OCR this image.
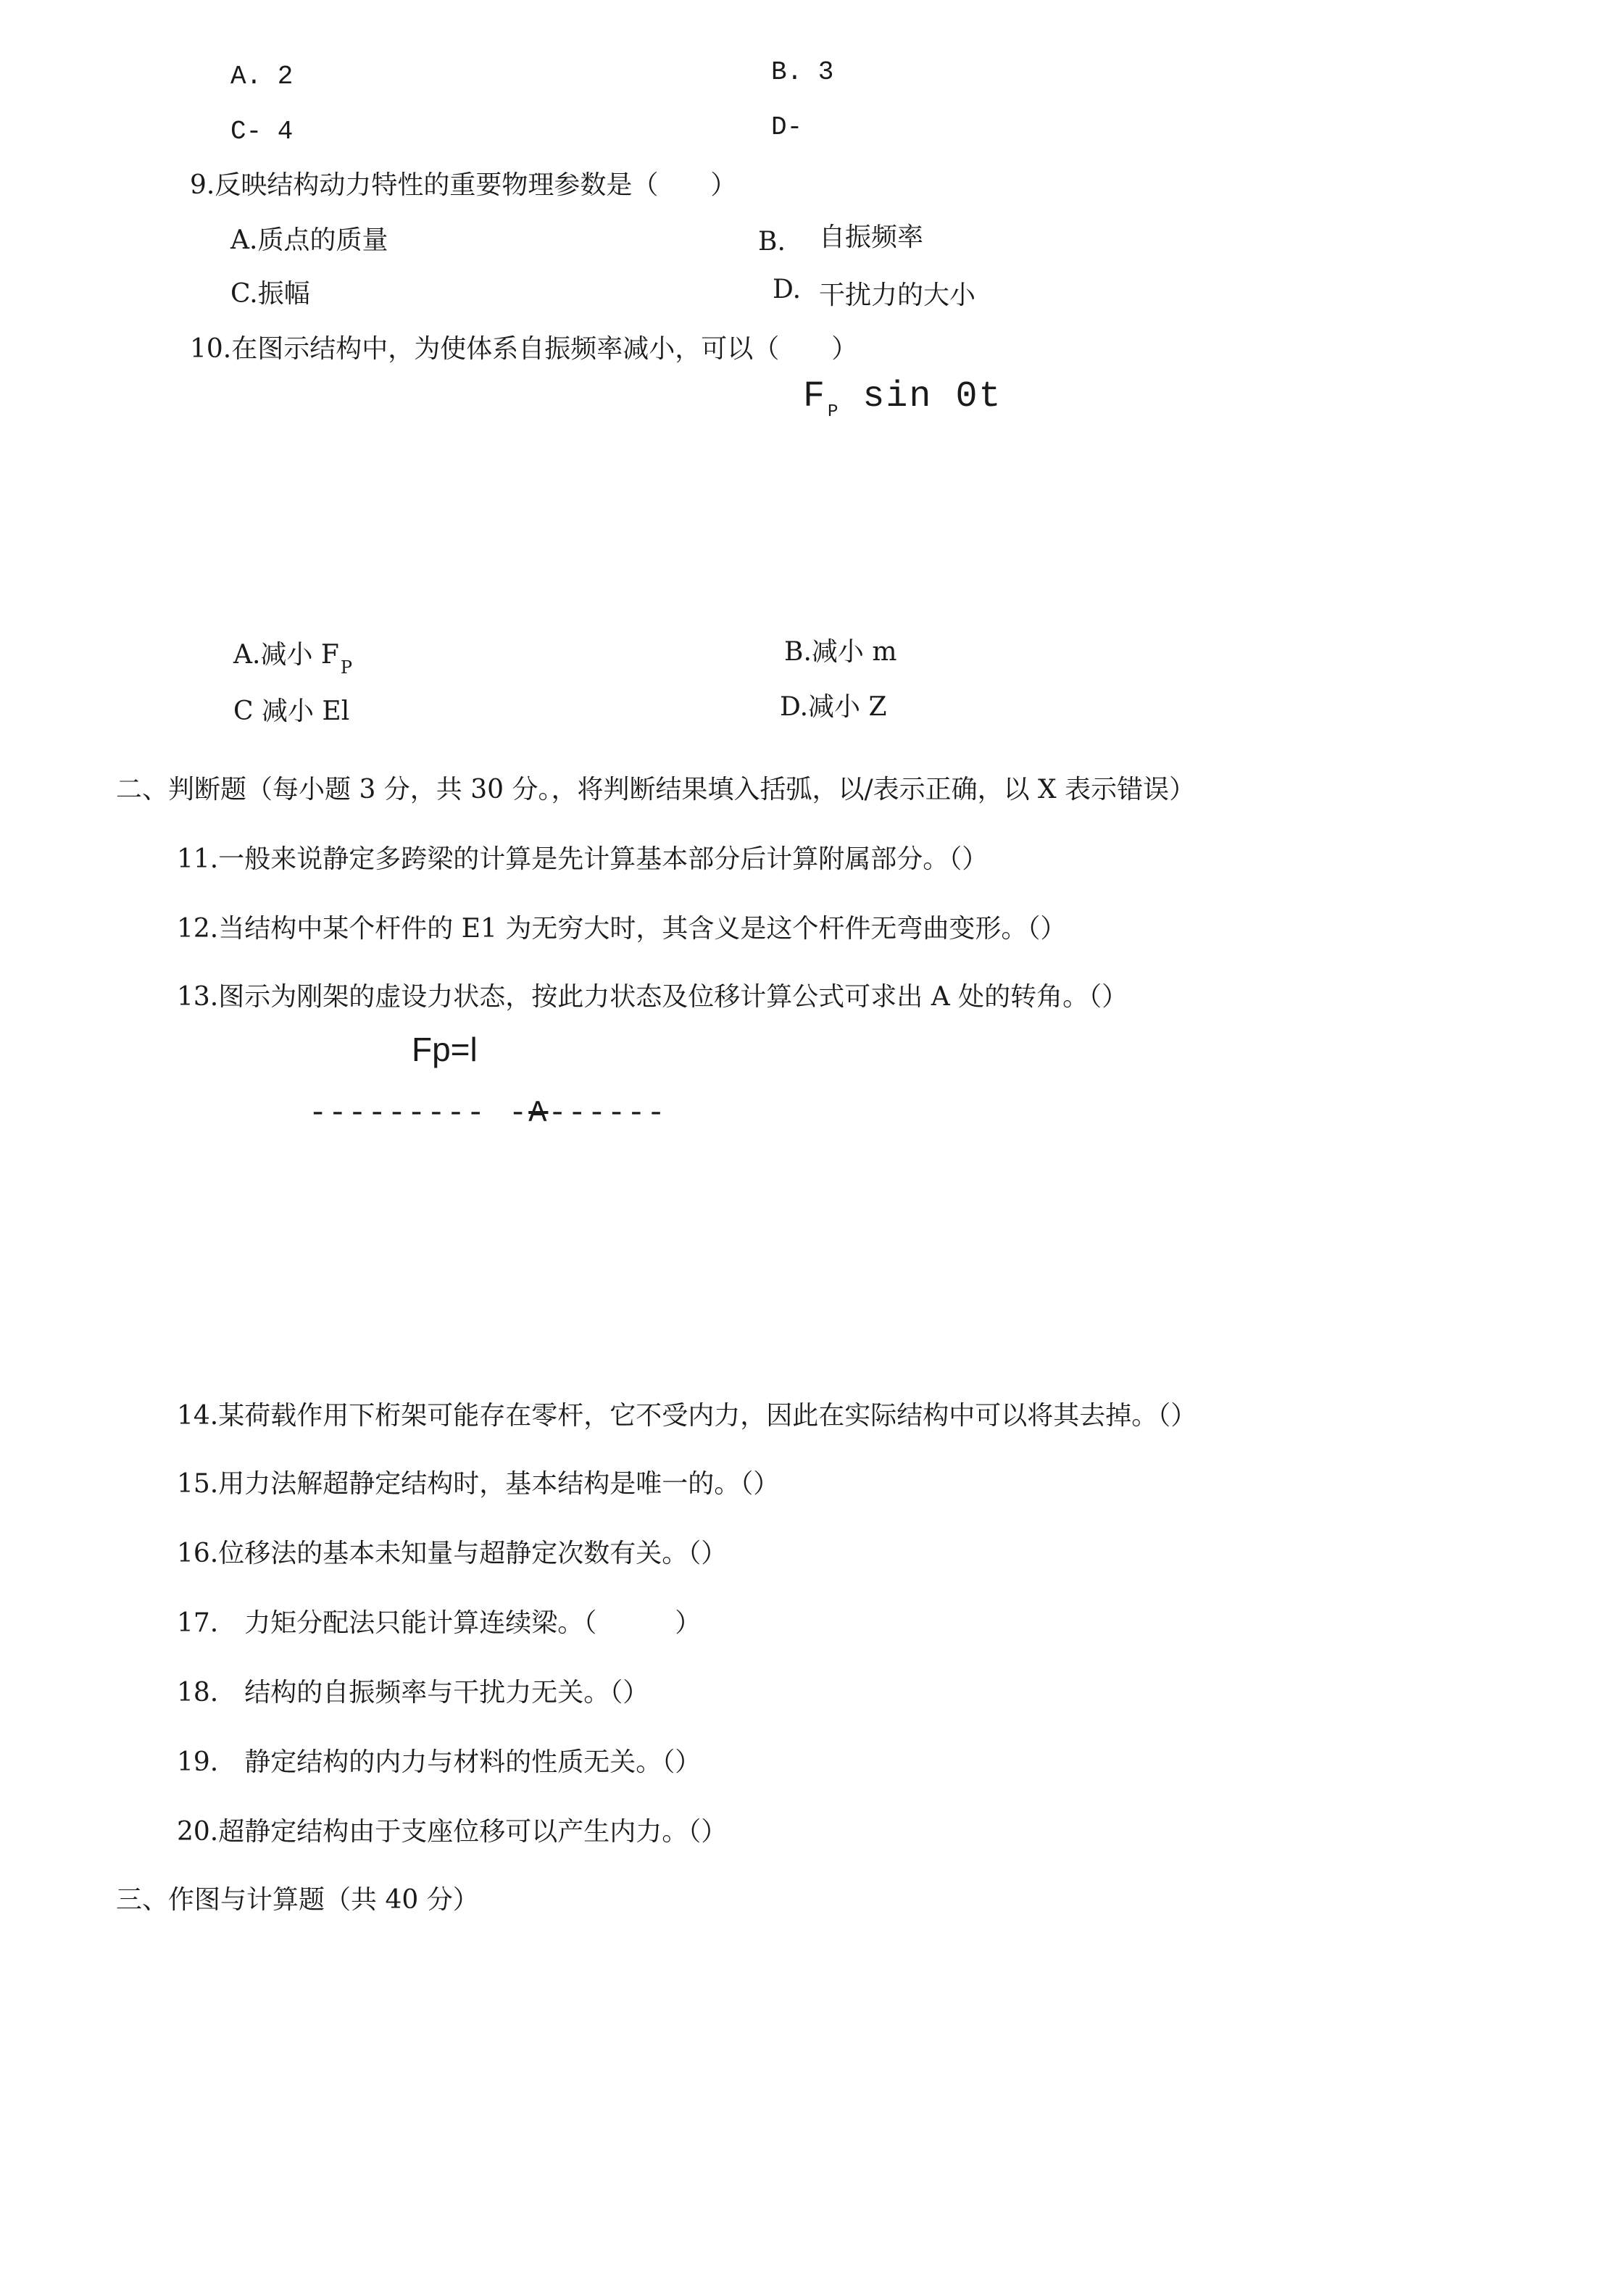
A. 2	B. 3
C- 4	D-
9.反映结构动力特性的重要物理参数是（　　）
A.质点的质量	B. 自振频率
C.振幅	D. 干扰力的大小
10.在图示结构中，为使体系自振频率减小，可以（　　）
$F_P$ sin 0t
A.减小 $F_P$
B.减小 m
C 减小 El	D.减小 Z
二、判断题（每小题 3 分，共 30 分。，将判断结果填入括弧，以/表示正确，以 X 表示错误）
11.一般来说静定多跨梁的计算是先计算基本部分后计算附属部分。（）
12.当结构中某个杆件的 E1 为无穷大时，其含义是这个杆件无弯曲变形。（）
13.图示为刚架的虚设力状态，按此力状态及位移计算公式可求出 A 处的转角。（）
Fp=l
--------- -A------
14.某荷载作用下桁架可能存在零杆，它不受内力，因此在实际结构中可以将其去掉。（）
15.用力法解超静定结构时，基本结构是唯一的。（）
16.位移法的基本未知量与超静定次数有关。（）
17.　力矩分配法只能计算连续梁。（　　　）
18.　结构的自振频率与干扰力无关。（）
19.　静定结构的内力与材料的性质无关。（）
20.超静定结构由于支座位移可以产生内力。（）
三、作图与计算题（共 40 分）
